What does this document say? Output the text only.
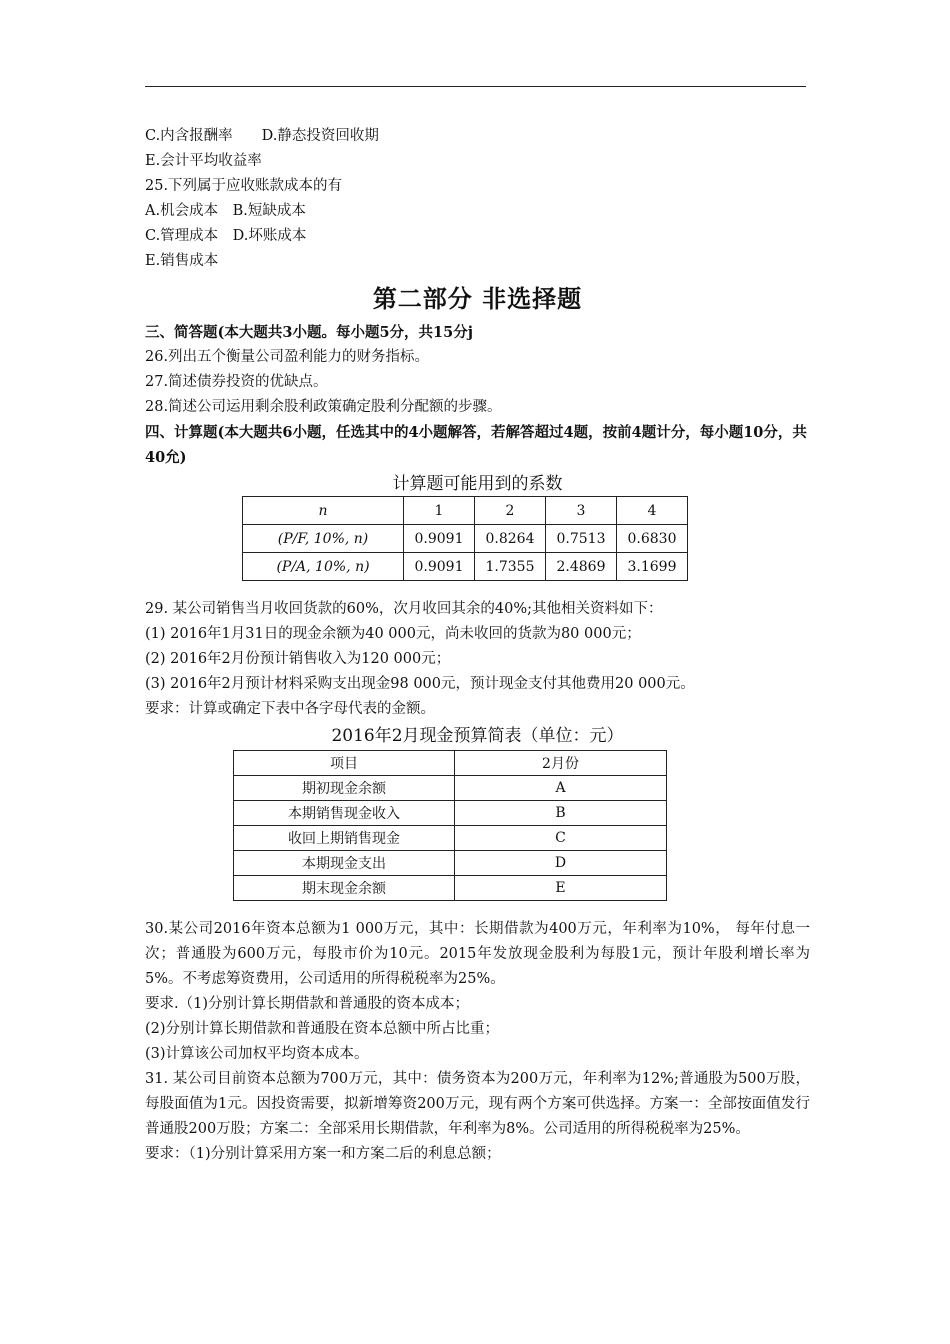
C.内含报酬率　　D.静态投资回收期
E.会计平均收益率
25.下列属于应收账款成本的有
A.机会成本　B.短缺成本
C.管理成本　D.坏账成本
E.销售成本
第二部分 非选择题
三、简答题(本大题共3小题。每小题5分，共15分j
26.列出五个衡量公司盈利能力的财务指标。
27.简述债券投资的优缺点。
28.简述公司运用剩余股利政策确定股利分配额的步骤。
四、计算题(本大题共6小题，任选其中的4小题解答，若解答超过4题，按前4题计分，每小题10分，共40允)
计算题可能用到的系数
n	1	2	3	4
(P/F, 10%, n)	0.9091	0.8264	0.7513	0.6830
(P/A, 10%, n)	0.9091	1.7355	2.4869	3.1699
29. 某公司销售当月收回货款的60%，次月收回其余的40%;其他相关资料如下：
(1) 2016年1月31日的现金余额为40 000元，尚未收回的货款为80 000元；
(2) 2016年2月份预计销售收入为120 000元；
(3) 2016年2月预计材料采购支出现金98 000元，预计现金支付其他费用20 000元。
要求：计算或确定下表中各字母代表的金额。
2016年2月现金预算简表（单位：元）
项目	2月份
期初现金余额	A
本期销售现金收入	B
收回上期销售现金	C
本期现金支出	D
期末现金余额	E
30.某公司2016年资本总额为1 000万元，其中：长期借款为400万元，年利率为10%， 每年付息一次；普通股为600万元，每股市价为10元。2015年发放现金股利为每股1元，预计年股利增长率为5%。不考虑筹资费用，公司适用的所得税税率为25%。
要求.（1)分别计算长期借款和普通股的资本成本；
(2)分别计算长期借款和普通股在资本总额中所占比重；
(3)计算该公司加权平均资本成本。
31. 某公司目前资本总额为700万元，其中：债务资本为200万元，年利率为12%;普通股为500万股，每股面值为1元。因投资需要，拟新增筹资200万元，现有两个方案可供选择。方案一：全部按面值发行普通股200万股；方案二：全部采用长期借款，年利率为8%。公司适用的所得税税率为25%。
要求：（1)分别计算采用方案一和方案二后的利息总额；
